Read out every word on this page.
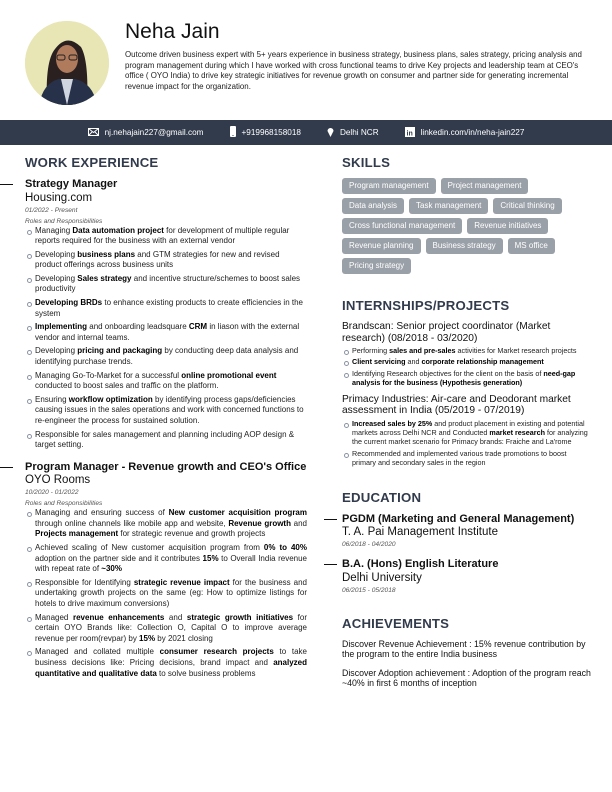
Neha Jain
Outcome driven business expert with 5+ years experience in business strategy, business plans, sales strategy, pricing analysis and program management during which I have worked with cross functional teams to drive Key projects and leadership team at CEO's office ( OYO India) to drive key strategic initiatives for revenue growth on consumer and partner side for generating incremental revenue impact for the organization.
nj.nehajain227@gmail.com	+919968158018	Delhi NCR	in linkedin.com/in/neha-jain227
WORK EXPERIENCE
Strategy Manager
Housing.com
01/2022 - Present
Roles and Responsibilities
Managing Data automation project for development of multiple regular reports required for the business with an external vendor
Developing business plans and GTM strategies for new and revised product offerings across business units
Developing Sales strategy and incentive structure/schemes to boost sales productivity
Developing BRDs to enhance existing products to create efficiencies in the system
Implementing and onboarding leadsquare CRM in liason with the external vendor and internal teams.
Developing pricing and packaging by conducting deep data analysis and identifying purchase trends.
Managing Go-To-Market for a successful online promotional event conducted to boost sales and traffic on the platform.
Ensuring workflow optimization by identifying process gaps/deficiencies causing issues in the sales operations and work with concerned functions to re-engineer the process for sustained solution.
Responsible for sales management and planning including AOP design & target setting.
Program Manager - Revenue growth and CEO's Office
OYO Rooms
10/2020 - 01/2022
Roles and Responsibilities
Managing and ensuring success of New customer acquisition program through online channels like mobile app and website, Revenue growth and Projects management for strategic revenue and growth projects
Achieved scaling of New customer acquisition program from 0% to 40% adoption on the partner side and it contributes 15% to Overall India revenue with repeat rate of ~30%
Responsible for Identifying strategic revenue impact for the business and undertaking growth projects on the same (eg: How to optimize listings for hotels to drive maximum conversions)
Managed revenue enhancements and strategic growth initiatives for certain OYO Brands like: Collection O, Capital O to improve average revenue per room(revpar) by 15% by 2021 closing
Managed and collated multiple consumer research projects to take business decisions like: Pricing decisions, brand impact and analyzed quantitative and qualitative data to solve business problems
SKILLS
Program management	Project management
Data analysis	Task management	Critical thinking
Cross functional management	Revenue initiatives
Revenue planning	Business strategy	MS office
Pricing strategy
INTERNSHIPS/PROJECTS
Brandscan: Senior project coordinator (Market research) (08/2018 - 03/2020)
Performing sales and pre-sales activities for Market research projects
Client servicing and corporate relationship management
Identifying Research objectives for the client on the basis of need-gap analysis for the business (Hypothesis generation)
Primacy Industries: Air-care and Deodorant market assessment in India (05/2019 - 07/2019)
Increased sales by 25% and product placement in existing and potential markets across Delhi NCR and Conducted market research for analyzing the current market scenario for Primacy brands: Fraiche and La'rome
Recommended and implemented various trade promotions to boost primary and secondary sales in the region
EDUCATION
PGDM (Marketing and General Management)
T. A. Pai Management Institute
06/2018 - 04/2020
B.A. (Hons) English Literature
Delhi University
06/2015 - 05/2018
ACHIEVEMENTS
Discover Revenue Achievement : 15% revenue contribution by the program to the entire India business
Discover Adoption achievement : Adoption of the program reach ~40% in first 6 months of inception
